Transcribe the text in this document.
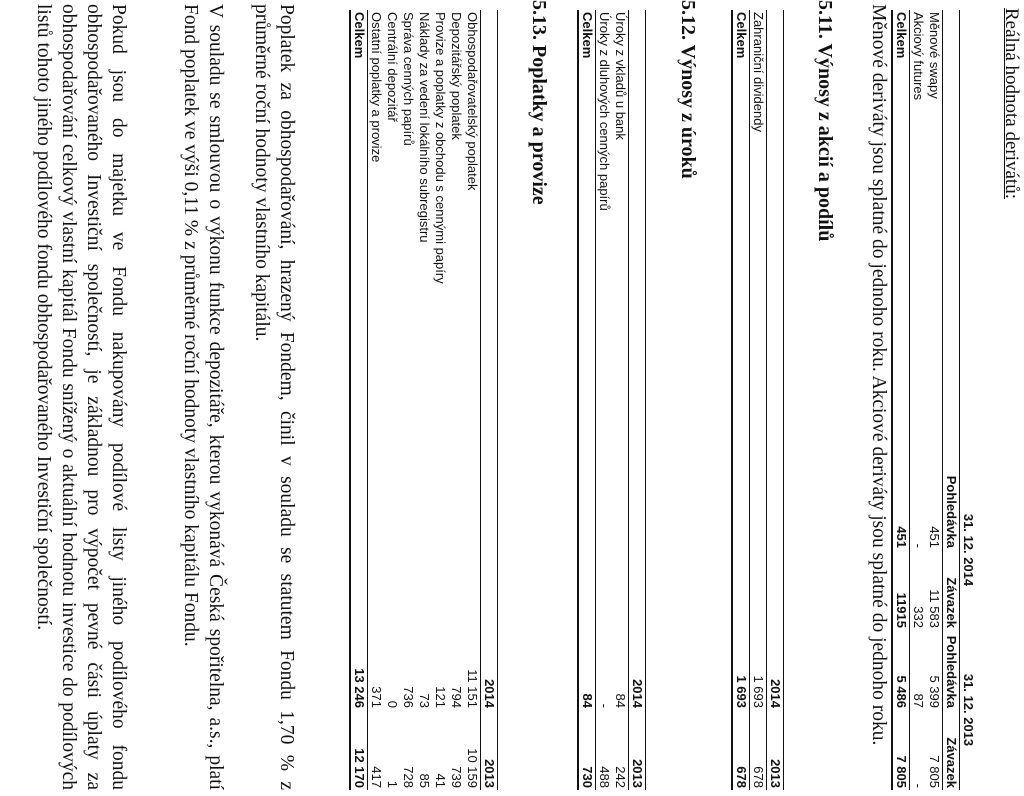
Reálná hodnota derivátů:

	31. 12. 2014		31. 12. 2013	
	Pohledávka	Závazek	Pohledávka	Závazek
Měnové swapy	451	11 583	5 399	7 805
Akciový futures	-	332	87	-
Celkem	451	11915	5 486	7 805

Měnové deriváty jsou splatné do jednoho roku. Akciové deriváty jsou splatné do jednoho roku.

5.11. Výnosy z akcií a podílů
	2014	2013
Zahraniční dividendy	1 693	678
Celkem	1 693	678
5.12. Výnosy z úroků
	2014	2013
Úroky z vkladů u bank	84	242
Úroky z dluhových cenných papírů	-	488
Celkem	84	730
5.13. Poplatky a provize
	2014	2013
Obhospodařovatelský poplatek	11 151	10 159
Depozitářský poplatek	794	739
Provize a poplatky z obchodu s cennými papíry	121	41
Náklady za vedení lokálního subregistru	73	85
Správa cenných papírů	736	728
Centrální depozitář	0	1
Ostatní poplatky a provize	371	417
Celkem	13 246	12 170

Poplatek za obhospodařování, hrazený Fondem, činil v souladu se statutem Fondu 1,70 % z průměrné roční hodnoty vlastního kapitálu.

V souladu se smlouvou o výkonu funkce depozitáře, kterou vykonává Česká spořitelna, a.s., platí Fond poplatek ve výši 0,11 % z průměrné roční hodnoty vlastního kapitálu Fondu.

Pokud jsou do majetku ve Fondu nakupovány podílové listy jiného podílového fondu obhospodařovaného Investiční společností, je základnou pro výpočet pevné části úplaty za obhospodařování celkový vlastní kapitál Fondu snížený o aktuální hodnotu investice do podílových listů tohoto jiného podílového fondu obhospodařovaného Investiční společností.
